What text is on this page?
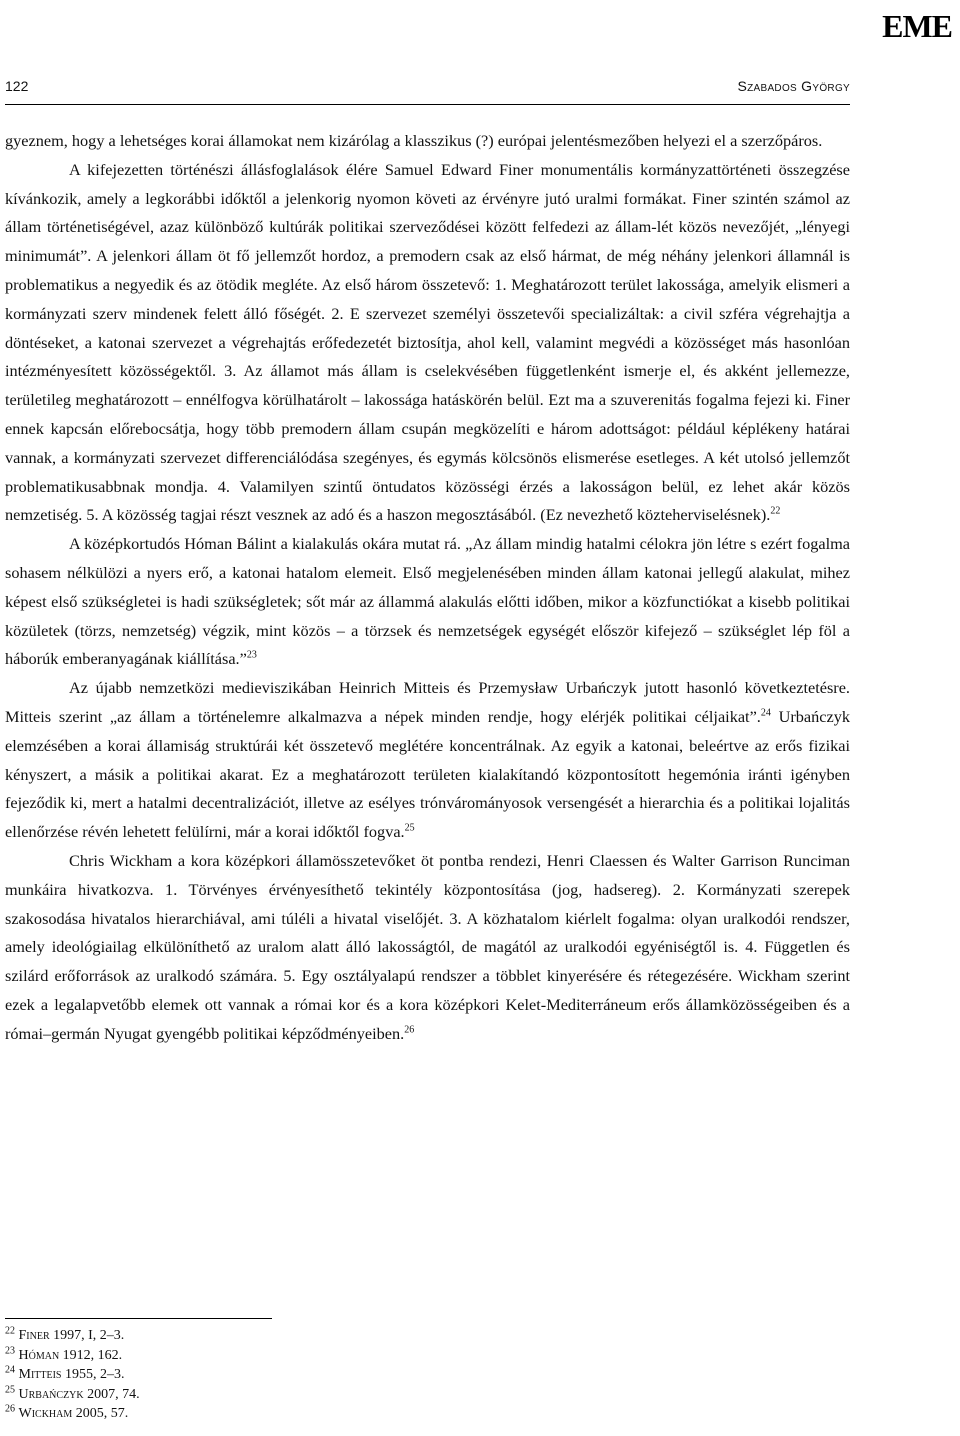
EME
122	Szabados György

gyeznem, hogy a lehetséges korai államokat nem kizárólag a klasszikus (?) európai jelentésmezőben helyezi el a szerzőpáros.

A kifejezetten történészi állásfoglalások élére Samuel Edward Finer monumentális kormányzattörténeti összegzése kívánkozik, amely a legkorábbi időktől a jelenkorig nyomon követi az érvényre jutó uralmi formákat. Finer szintén számol az állam történetiségével, azaz különböző kultúrák politikai szerveződései között felfedezi az állam-lét közös nevezőjét, „lényegi minimumát”. A jelenkori állam öt fő jellemzőt hordoz, a premodern csak az első hármat, de még néhány jelenkori államnál is problematikus a negyedik és az ötödik megléte. Az első három összetevő: 1. Meghatározott terület lakossága, amelyik elismeri a kormányzati szerv mindenek felett álló főségét. 2. E szervezet személyi összetevői specializáltak: a civil szféra végrehajtja a döntéseket, a katonai szervezet a végrehajtás erőfedezetét biztosítja, ahol kell, valamint megvédi a közösséget más hasonlóan intézményesített közösségektől. 3. Az államot más állam is cselekvésében függetlenként ismerje el, és akként jellemezze, területileg meghatározott – ennélfogva körülhatárolt – lakossága hatáskörén belül. Ezt ma a szuverenitás fogalma fejezi ki. Finer ennek kapcsán előrebocsátja, hogy több premodern állam csupán megközelíti e három adottságot: például képlékeny határai vannak, a kormányzati szervezet differenciálódása szegényes, és egymás kölcsönös elismerése esetleges. A két utolsó jellemzőt problematikusabbnak mondja. 4. Valamilyen szintű öntudatos közösségi érzés a lakosságon belül, ez lehet akár közös nemzetiség. 5. A közösség tagjai részt vesznek az adó és a haszon megosztásából. (Ez nevezhető közteherviselésnek).$^{22}$

A középkortudós Hóman Bálint a kialakulás okára mutat rá. „Az állam mindig hatalmi célokra jön létre s ezért fogalma sohasem nélkülözi a nyers erő, a katonai hatalom elemeit. Első megjelenésében minden állam katonai jellegű alakulat, mihez képest első szükségletei is hadi szükségletek; sőt már az állammá alakulás előtti időben, mikor a közfunctiókat a kisebb politikai közületek (törzs, nemzetség) végzik, mint közös – a törzsek és nemzetségek egységét először kifejező – szükséglet lép föl a háborúk emberanyagának kiállítása.”$^{23}$

Az újabb nemzetközi medieviszikában Heinrich Mitteis és Przemysław Urbańczyk jutott hasonló következtetésre. Mitteis szerint „az állam a történelemre alkalmazva a népek minden rendje, hogy elérjék politikai céljaikat”.$^{24}$ Urbańczyk elemzésében a korai államiság struktúrái két összetevő meglétére koncentrálnak. Az egyik a katonai, beleértve az erős fizikai kényszert, a másik a politikai akarat. Ez a meghatározott területen kialakítandó központosított hegemónia iránti igényben fejeződik ki, mert a hatalmi decentralizációt, illetve az esélyes trónvárományosok versengését a hierarchia és a politikai lojalitás ellenőrzése révén lehetett felülírni, már a korai időktől fogva.$^{25}$

Chris Wickham a kora középkori államösszetevőket öt pontba rendezi, Henri Claessen és Walter Garrison Runciman munkáira hivatkozva. 1. Törvényes érvényesíthető tekintély központosítása (jog, hadsereg). 2. Kormányzati szerepek szakosodása hivatalos hierarchiával, ami túléli a hivatal viselőjét. 3. A közhatalom kiérlelt fogalma: olyan uralkodói rendszer, amely ideológiailag elkülöníthető az uralom alatt álló lakosságtól, de magától az uralkodói egyéniségtől is. 4. Független és szilárd erőforrások az uralkodó számára. 5. Egy osztályalapú rendszer a többlet kinyerésére és rétegezésére. Wickham szerint ezek a legalapvetőbb elemek ott vannak a római kor és a kora középkori Kelet-Mediterráneum erős államközösségeiben és a római–germán Nyugat gyengébb politikai képződményeiben.$^{26}$

$^{22}$ Finer 1997, I, 2–3.
$^{23}$ Hóman 1912, 162.
$^{24}$ Mitteis 1955, 2–3.
$^{25}$ Urbańczyk 2007, 74.
$^{26}$ Wickham 2005, 57.
